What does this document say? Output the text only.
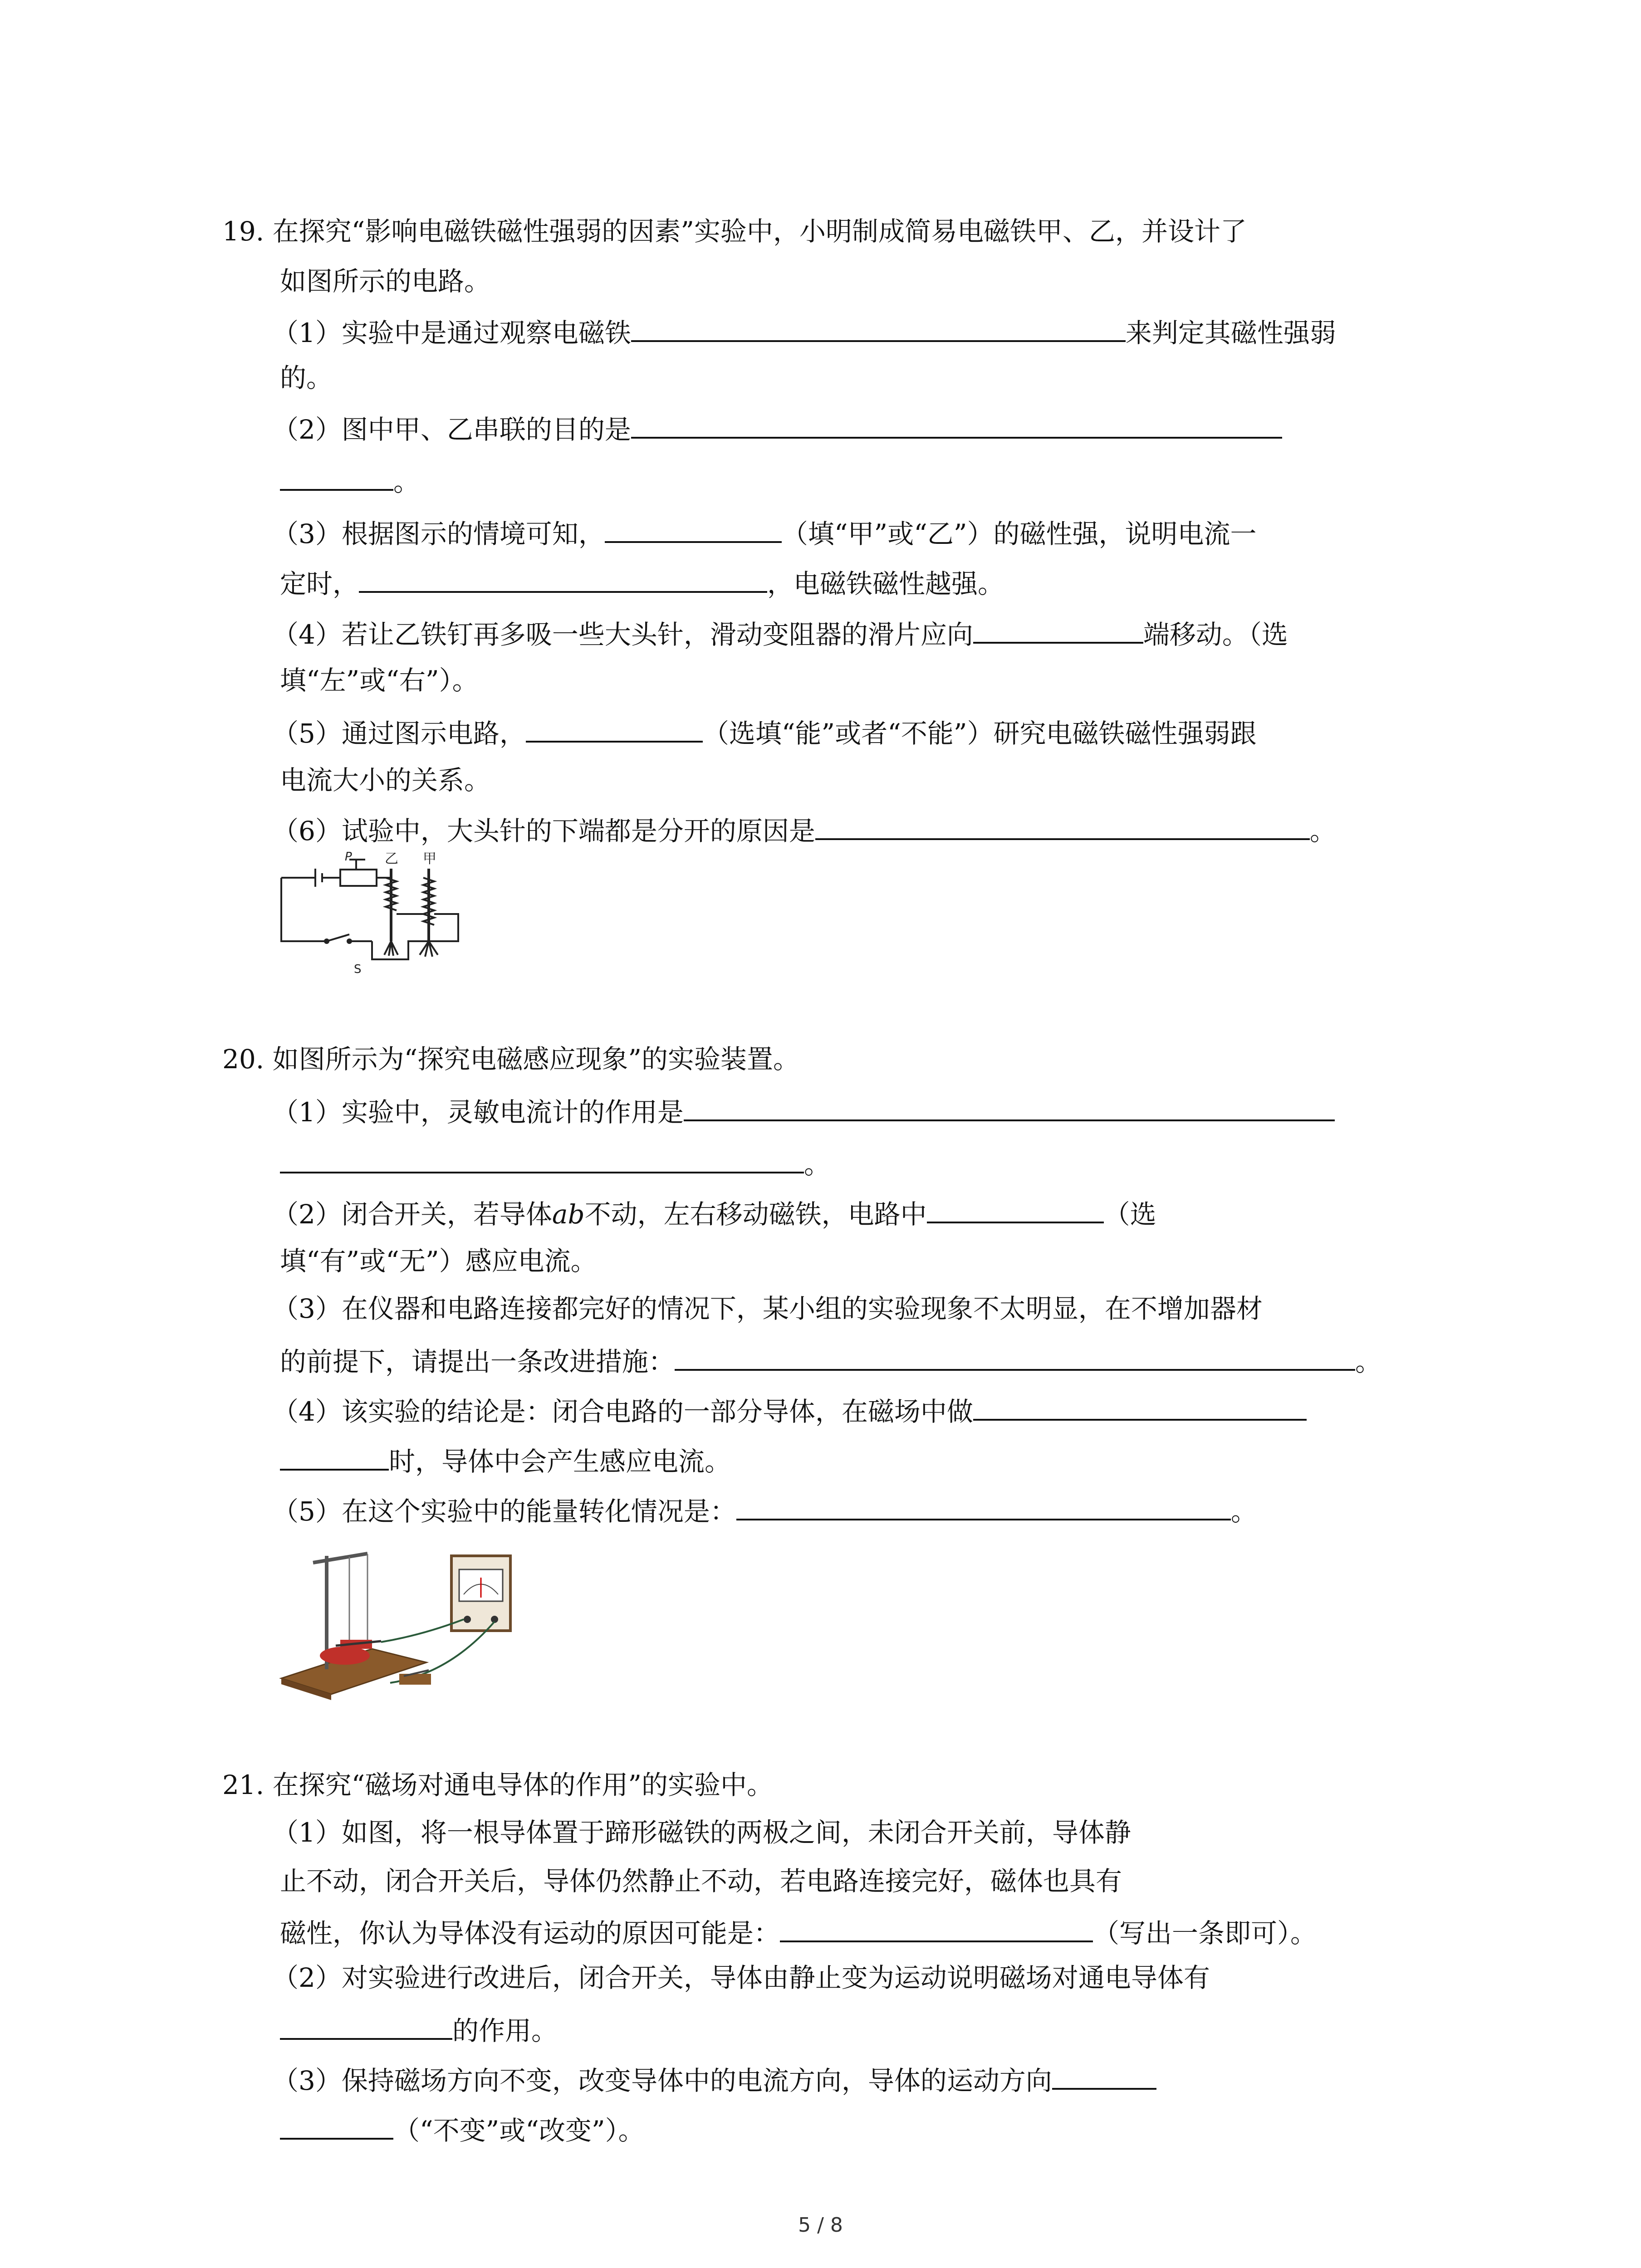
19. 在探究“影响电磁铁磁性强弱的因素”实验中，小明制成简易电磁铁甲、乙，并设计了
如图所示的电路。
（1）实验中是通过观察电磁铁	来判定其磁性强弱
的。
（2）图中甲、乙串联的目的是
。
（3）根据图示的情境可知，	（填“甲”或“乙”）的磁性强，说明电流一
定时，	，电磁铁磁性越强。
（4）若让乙铁钉再多吸一些大头针，滑动变阻器的滑片应向	端移动。（选
填“左”或“右”）。
（5）通过图示电路，	（选填“能”或者“不能”）研究电磁铁磁性强弱跟
电流大小的关系。
（6）试验中，大头针的下端都是分开的原因是	。
P 乙 甲
S
20. 如图所示为“探究电磁感应现象”的实验装置。
（1）实验中，灵敏电流计的作用是
。
（2）闭合开关，若导体ab不动，左右移动磁铁，电路中	（选
填“有”或“无”）感应电流。
（3）在仪器和电路连接都完好的情况下，某小组的实验现象不太明显，在不增加器材
的前提下，请提出一条改进措施：	。
（4）该实验的结论是：闭合电路的一部分导体，在磁场中做
时，导体中会产生感应电流。
（5）在这个实验中的能量转化情况是：	。
21. 在探究“磁场对通电导体的作用”的实验中。
（1）如图，将一根导体置于蹄形磁铁的两极之间，未闭合开关前，导体静
止不动，闭合开关后，导体仍然静止不动，若电路连接完好，磁体也具有
磁性，你认为导体没有运动的原因可能是：	（写出一条即可）。
（2）对实验进行改进后，闭合开关，导体由静止变为运动说明磁场对通电导体有
的作用。
（3）保持磁场方向不变，改变导体中的电流方向，导体的运动方向
（“不变”或“改变”）。
5 / 8
